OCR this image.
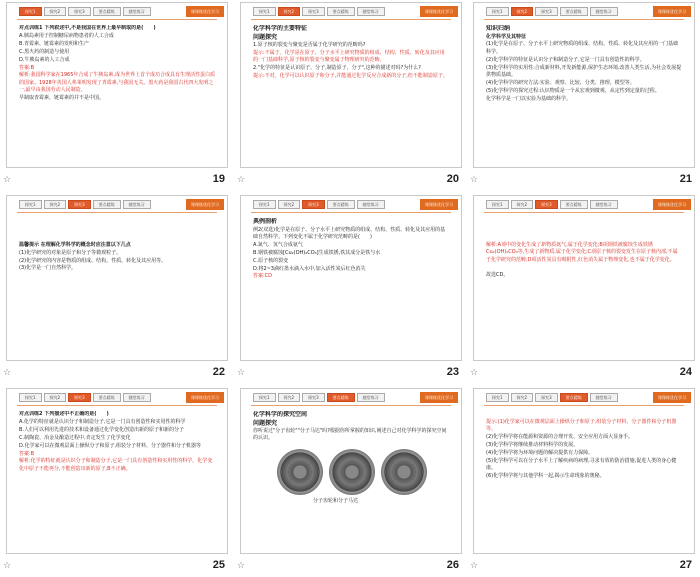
探究1	探究2	探究3	要点精练	随堂练习	课课练优化学习

对点训练1 下列叙述中,不是我国在世界上最早制取的是(　　)

A.胰岛素用于控制糖尿病物患者的人工合成

B.青霉素、链霉素的发明和生产

C.黑火药的制造与使用

D.牛胰岛素的人工合成

答案:B

解析:我国科学家在1965年合成了牛胰岛素,成为世界上首个成功合成具有生理活性蛋白质的国家。1928年英国人弗莱明发现了青霉素,与我国无关。黑火药是我国古代四大发明之一,最早由我国劳动人民制造。

早制取青霉素、链霉素的并不是中国。

☆	19
探究1	探究2	探究3	要点精练	随堂练习	课课练优化学习

化学科学的主要特征

问题探究

1.原子核的裂变与聚变是否属于化学研究的范畴吗?

提示:不属于。化学是在原子、分子水平上研究物质的组成、结构、性质、转化及其应用的一门基础科学,原子核的裂变与聚变属于物理研究的范畴。

2."化学的特征是认识原子、分子,制造原子、分子",这种的描述对吗?为什么?

提示:不对。化学可以认识原子和分子,并能通过化学反应合成新的分子,但不能制造原子。

☆	20
探究1	探究2	探究3	要点精练	随堂练习	课课练优化学习

知识归纳

化学科学及其特征

(1)化学是在原子、分子水平上研究物质的组成、结构、性质、转化及其应用的一门基础科学。

(2)化学科学的特征是认识分子和制造分子,它是一门具有创造性的科学。

(3)化学科学的实用性:合成新材料,开发新能源,保护生态环境,改善人类生活,为社会发展提供物质基础。

(4)化学科学的研究方法:实验、观察、比较、分类、推理、模型等。

(5)化学科学的探究过程:认识物质是一个从宏观到微观、从定性到定量的过程。

化学科学是一门以实验为基础的科学。

☆	21
探究1	探究2	探究3	要点精练	随堂练习	课课练优化学习

温馨提示 在理解化学科学的概念时应注意以下几点

(1)化学研究的对象是原子和分子等微观粒子。

(2)化学研究的内容是物质的组成、结构、性质、转化及其应用等。

(3)化学是一门自然科学。

☆	22
探究1	探究2	探究3	要点精练	随堂练习	课课练优化学习

典例剖析

例2(双选)化学是在原子、分子水平上研究物质的组成、结构、性质、转化及其应用的基础自然科学。下列变化不属于化学研究范畴的是(　　)

A.氮气、氢气合成氨气

B.钢铁被腐蚀[Cu₂(OH)₂CO₃]生成铁锈,铁其成分是铁与水

C.原子核的裂变

D.将2~3滴红墨水滴入水中,加入活性炭后红色消失

答案:CD

☆	23
探究1	探究2	探究3	要点精练	随堂练习	课课练优化学习

解析:A项中的变化生成了新物质氨气,属于化学变化;B项钢铁被腐蚀生成铁锈Cu₂(OH)₂CO₃等,生成了新物质,属于化学变化;C项原子核的裂变发生在原子核内部,不属于化学研究的范畴;D项活性炭具有吸附性,红色消失属于物理变化,也不属于化学变化。

故选CD。

☆	24
探究1	探究2	探究3	要点精练	随堂练习	课课练优化学习

对点训练2 下列描述中不正确的是(　　)

A.化学的特征就是认识分子和制造分子,它是一门具有创造性和实用性的科学

B.人们可以利用先进的技术和设备通过化学变化创造出新的原子和新的分子

C.制陶瓷、冶金及酿造过程中,肯定发生了化学变化

D.化学家可以在微观层面上操纵分子和原子,组装分子材料、分子器件和分子机器等

答案:B

解析:化学的特征就是认识分子和制造分子,它是一门具有创造性和实用性的科学。化学变化中原子不能再分,不能创造出新的原子,B不正确。

☆	25
探究1	探究2	探究3	要点精练	随堂练习	课课练优化学习

化学科学的探究空间

问题探究

你听说过"分子齿轮""分子马达"吗?根据你所掌握的知识,阐述自己对化学科学的探究空间的认识。

分子齿轮和分子马达

☆	26
探究1	探究2	探究3	要点精练	随堂练习	课课练优化学习

提示:(1)化学家可以在微观层面上操纵分子和原子,组装分子材料、分子器件和分子机器等。

(2)化学科学将在能源和资源的合理开发、安全应用方面大显身手。

(3)化学科学将继续推动材料科学的发展。

(4)化学科学将为环境问题的解决提供有力保障。

(5)化学科学可以在分子水平上了解疾病的病理,寻求有效的防治措施,促进人类的身心健康。

(6)化学科学将与其他学科一起,揭示生命现象的奥秘。

☆	27
